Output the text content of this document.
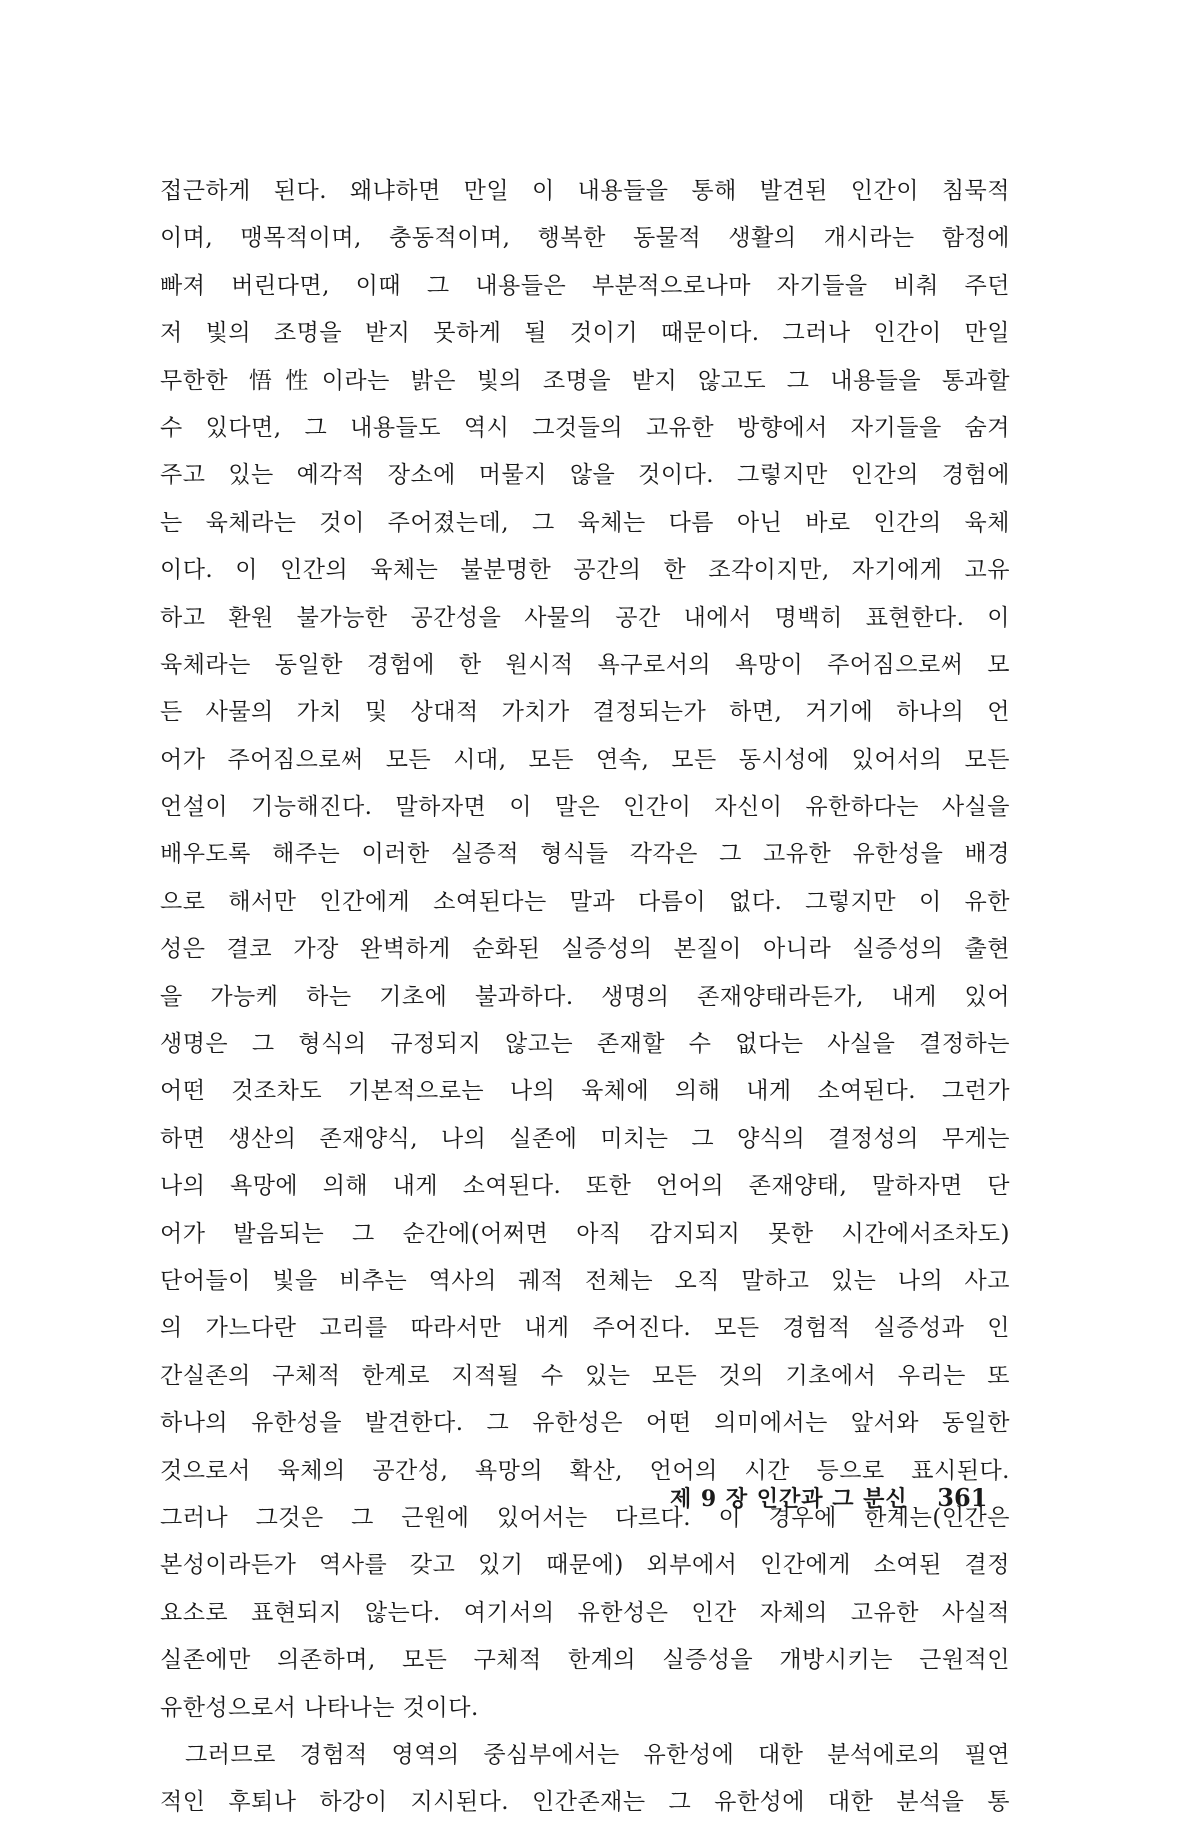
접근하게 된다. 왜냐하면 만일 이 내용들을 통해 발견된 인간이 침묵적
이며, 맹목적이며, 충동적이며, 행복한 동물적 생활의 개시라는 함정에
빠져 버린다면, 이때 그 내용들은 부분적으로나마 자기들을 비춰 주던
저 빛의 조명을 받지 못하게 될 것이기 때문이다. 그러나 인간이 만일
무한한 悟性이라는 밝은 빛의 조명을 받지 않고도 그 내용들을 통과할
수 있다면, 그 내용들도 역시 그것들의 고유한 방향에서 자기들을 숨겨
주고 있는 예각적 장소에 머물지 않을 것이다. 그렇지만 인간의 경험에
는 육체라는 것이 주어졌는데, 그 육체는 다름 아닌 바로 인간의 육체
이다. 이 인간의 육체는 불분명한 공간의 한 조각이지만, 자기에게 고유
하고 환원 불가능한 공간성을 사물의 공간 내에서 명백히 표현한다. 이
육체라는 동일한 경험에 한 원시적 욕구로서의 욕망이 주어짐으로써 모
든 사물의 가치 및 상대적 가치가 결정되는가 하면, 거기에 하나의 언
어가 주어짐으로써 모든 시대, 모든 연속, 모든 동시성에 있어서의 모든
언설이 기능해진다. 말하자면 이 말은 인간이 자신이 유한하다는 사실을
배우도록 해주는 이러한 실증적 형식들 각각은 그 고유한 유한성을 배경
으로 해서만 인간에게 소여된다는 말과 다름이 없다. 그렇지만 이 유한
성은 결코 가장 완벽하게 순화된 실증성의 본질이 아니라 실증성의 출현
을 가능케 하는 기초에 불과하다. 생명의 존재양태라든가, 내게 있어
생명은 그 형식의 규정되지 않고는 존재할 수 없다는 사실을 결정하는
어떤 것조차도 기본적으로는 나의 육체에 의해 내게 소여된다. 그런가
하면 생산의 존재양식, 나의 실존에 미치는 그 양식의 결정성의 무게는
나의 욕망에 의해 내게 소여된다. 또한 언어의 존재양태, 말하자면 단
어가 발음되는 그 순간에(어쩌면 아직 감지되지 못한 시간에서조차도)
단어들이 빛을 비추는 역사의 궤적 전체는 오직 말하고 있는 나의 사고
의 가느다란 고리를 따라서만 내게 주어진다. 모든 경험적 실증성과 인
간실존의 구체적 한계로 지적될 수 있는 모든 것의 기초에서 우리는 또
하나의 유한성을 발견한다. 그 유한성은 어떤 의미에서는 앞서와 동일한
것으로서 육체의 공간성, 욕망의 확산, 언어의 시간 등으로 표시된다.
그러나 그것은 그 근원에 있어서는 다르다. 이 경우에 한계는(인간은
본성이라든가 역사를 갖고 있기 때문에) 외부에서 인간에게 소여된 결정
요소로 표현되지 않는다. 여기서의 유한성은 인간 자체의 고유한 사실적
실존에만 의존하며, 모든 구체적 한계의 실증성을 개방시키는 근원적인
유한성으로서 나타나는 것이다.
그러므로 경험적 영역의 중심부에서는 유한성에 대한 분석에로의 필연
적인 후퇴나 하강이 지시된다. 인간존재는 그 유한성에 대한 분석을 통
제 9 장 인간과 그 분신 361
